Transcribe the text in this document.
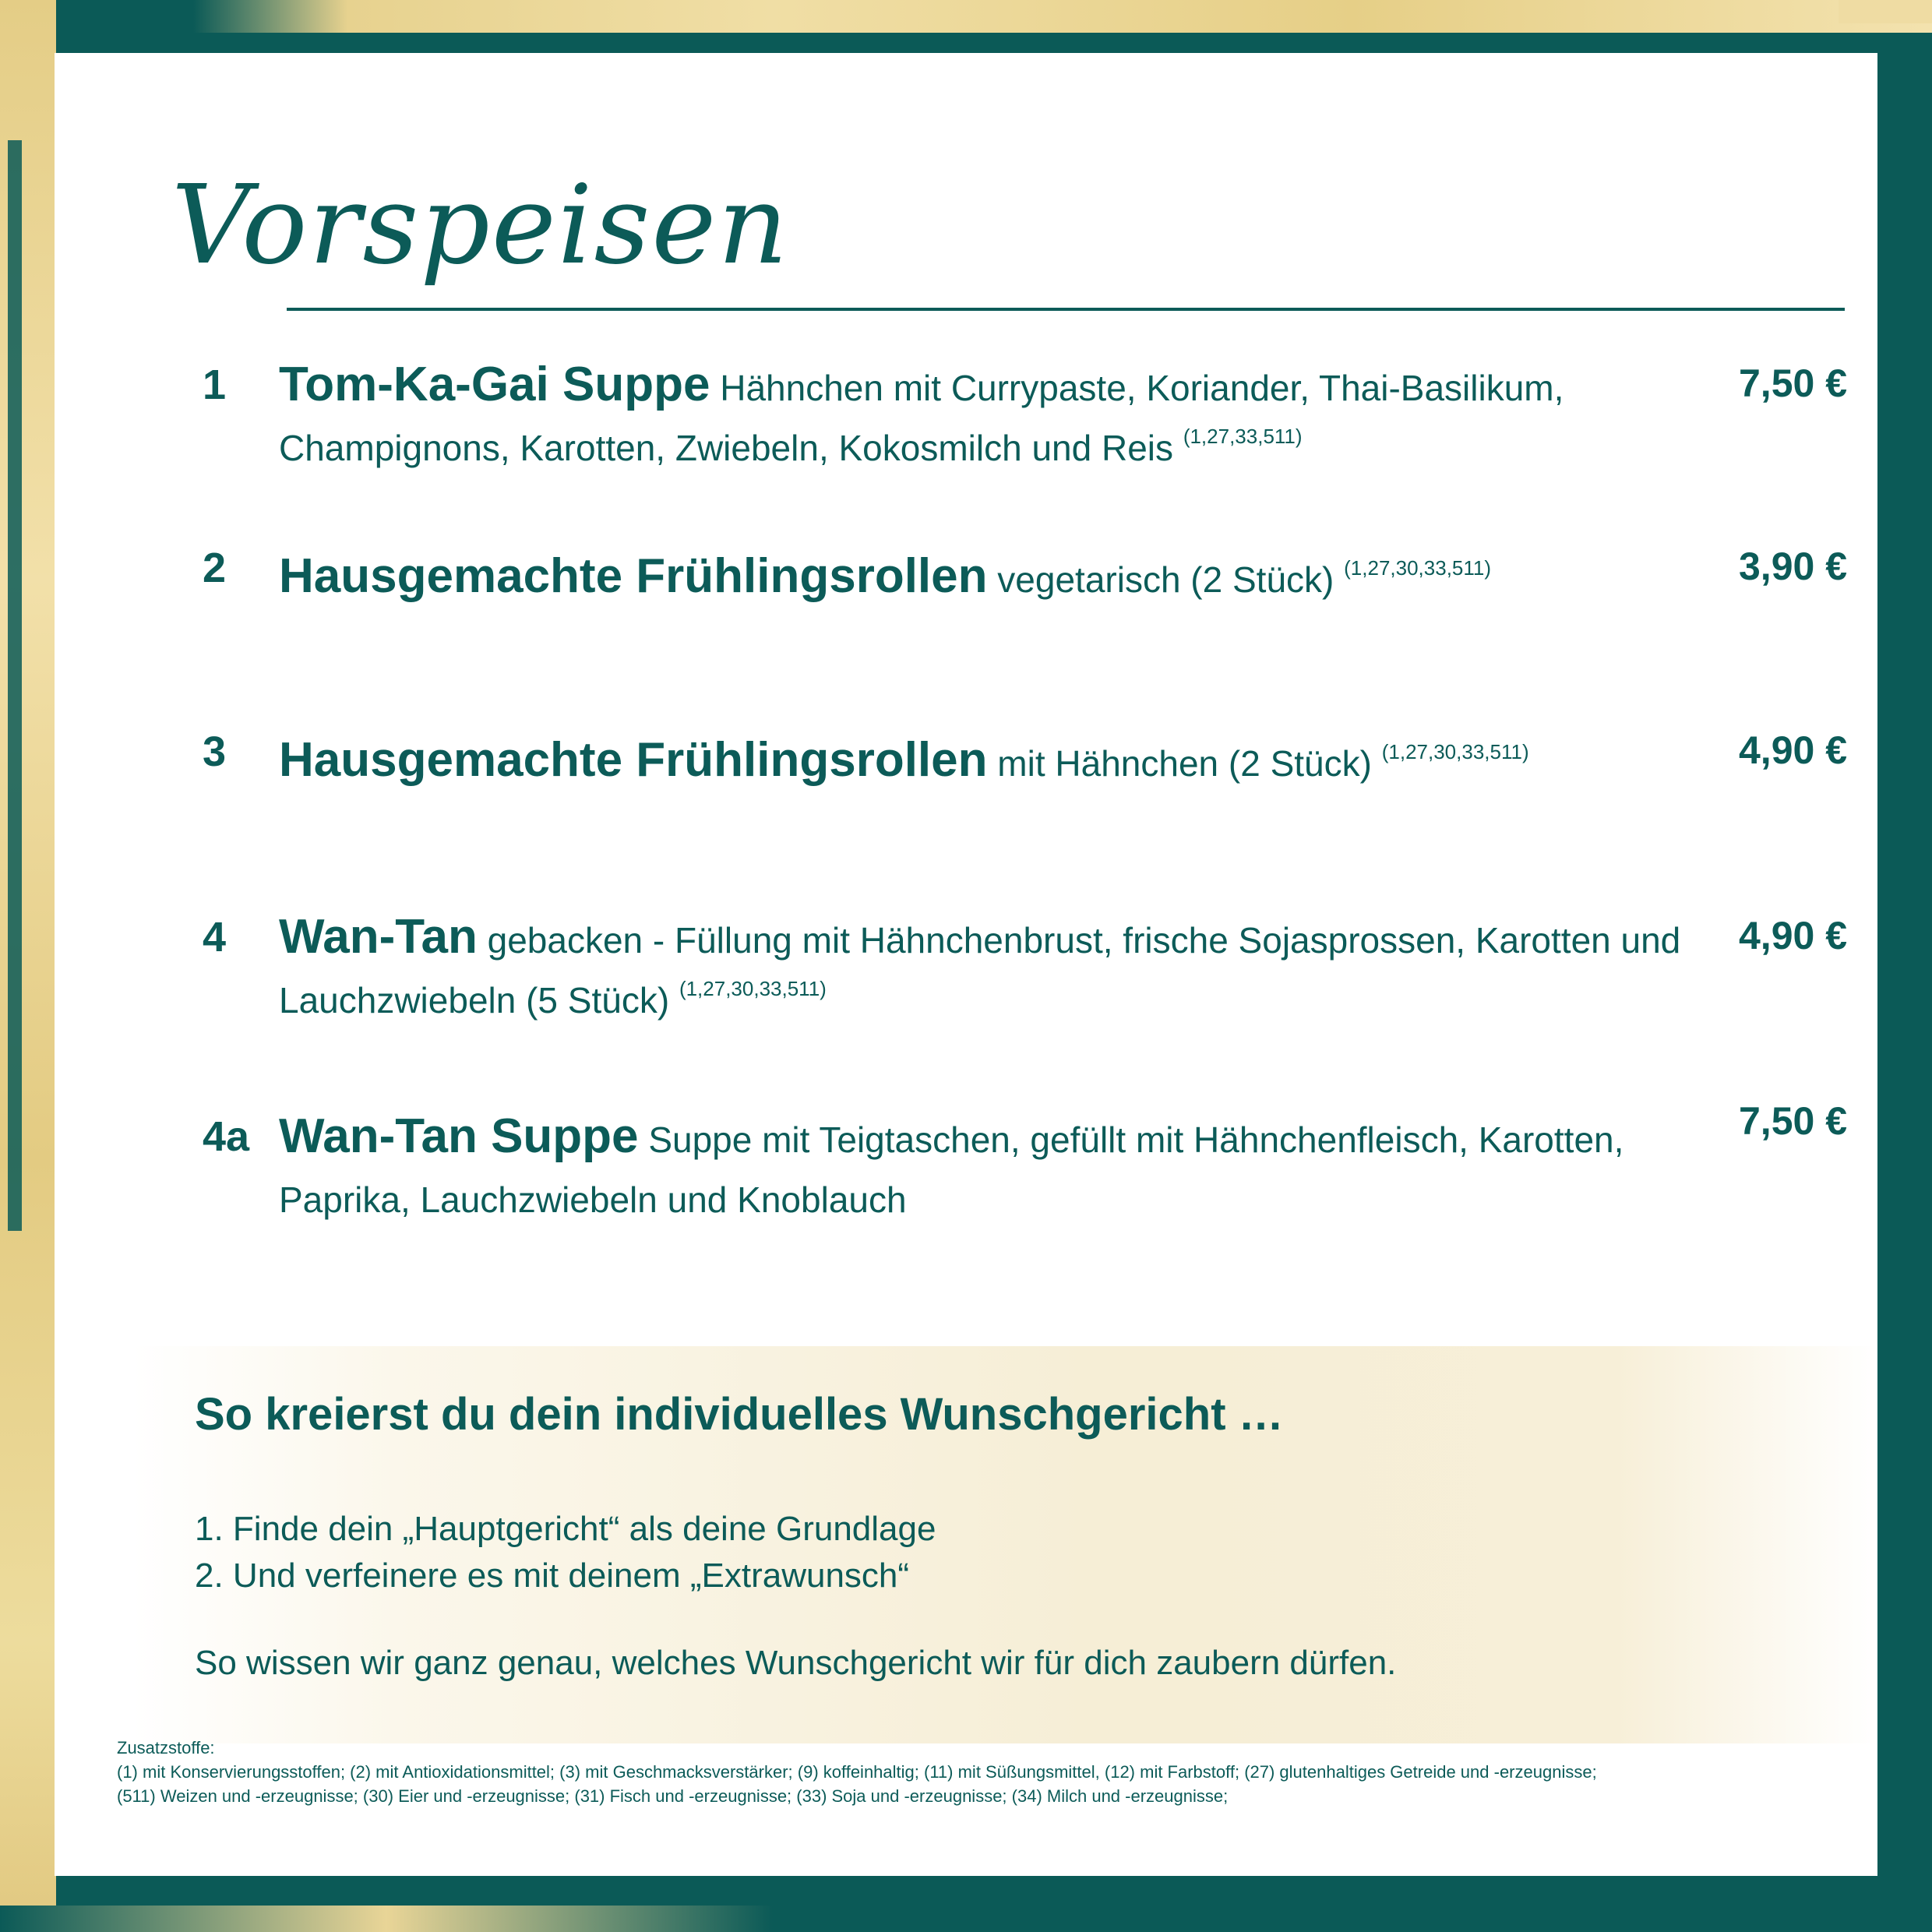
Vorspeisen
1 Tom-Ka-Gai Suppe Hähnchen mit Currypaste, Koriander, Thai-Basilikum, Champignons, Karotten, Zwiebeln, Kokosmilch und Reis $^{(1,27,33,511)}$
7,50 €
2 Hausgemachte Frühlingsrollen vegetarisch (2 Stück) $^{(1,27,30,33,511)}$	3,90 €
3 Hausgemachte Frühlingsrollen mit Hähnchen (2 Stück) $^{(1,27,30,33,511)}$	4,90 €
4 Wan-Tan gebacken - Füllung mit Hähnchenbrust, frische Sojasprossen, Karotten und Lauchzwiebeln (5 Stück) $^{(1,27,30,33,511)}$
4,90 €
4a Wan-Tan Suppe Suppe mit Teigtaschen, gefüllt mit Hähnchenfleisch, Karotten, Paprika, Lauchzwiebeln und Knoblauch
7,50 €
So kreierst du dein individuelles Wunschgericht …
1. Finde dein „Hauptgericht“ als deine Grundlage
2. Und verfeinere es mit deinem „Extrawunsch“
So wissen wir ganz genau, welches Wunschgericht wir für dich zaubern dürfen.
Zusatzstoffe:
(1) mit Konservierungsstoffen; (2) mit Antioxidationsmittel; (3) mit Geschmacksverstärker; (9) koffeinhaltig; (11) mit Süßungsmittel, (12) mit Farbstoff; (27) glutenhaltiges Getreide und -erzeugnisse;
(511) Weizen und -erzeugnisse; (30) Eier und -erzeugnisse; (31) Fisch und -erzeugnisse; (33) Soja und -erzeugnisse; (34) Milch und -erzeugnisse;
